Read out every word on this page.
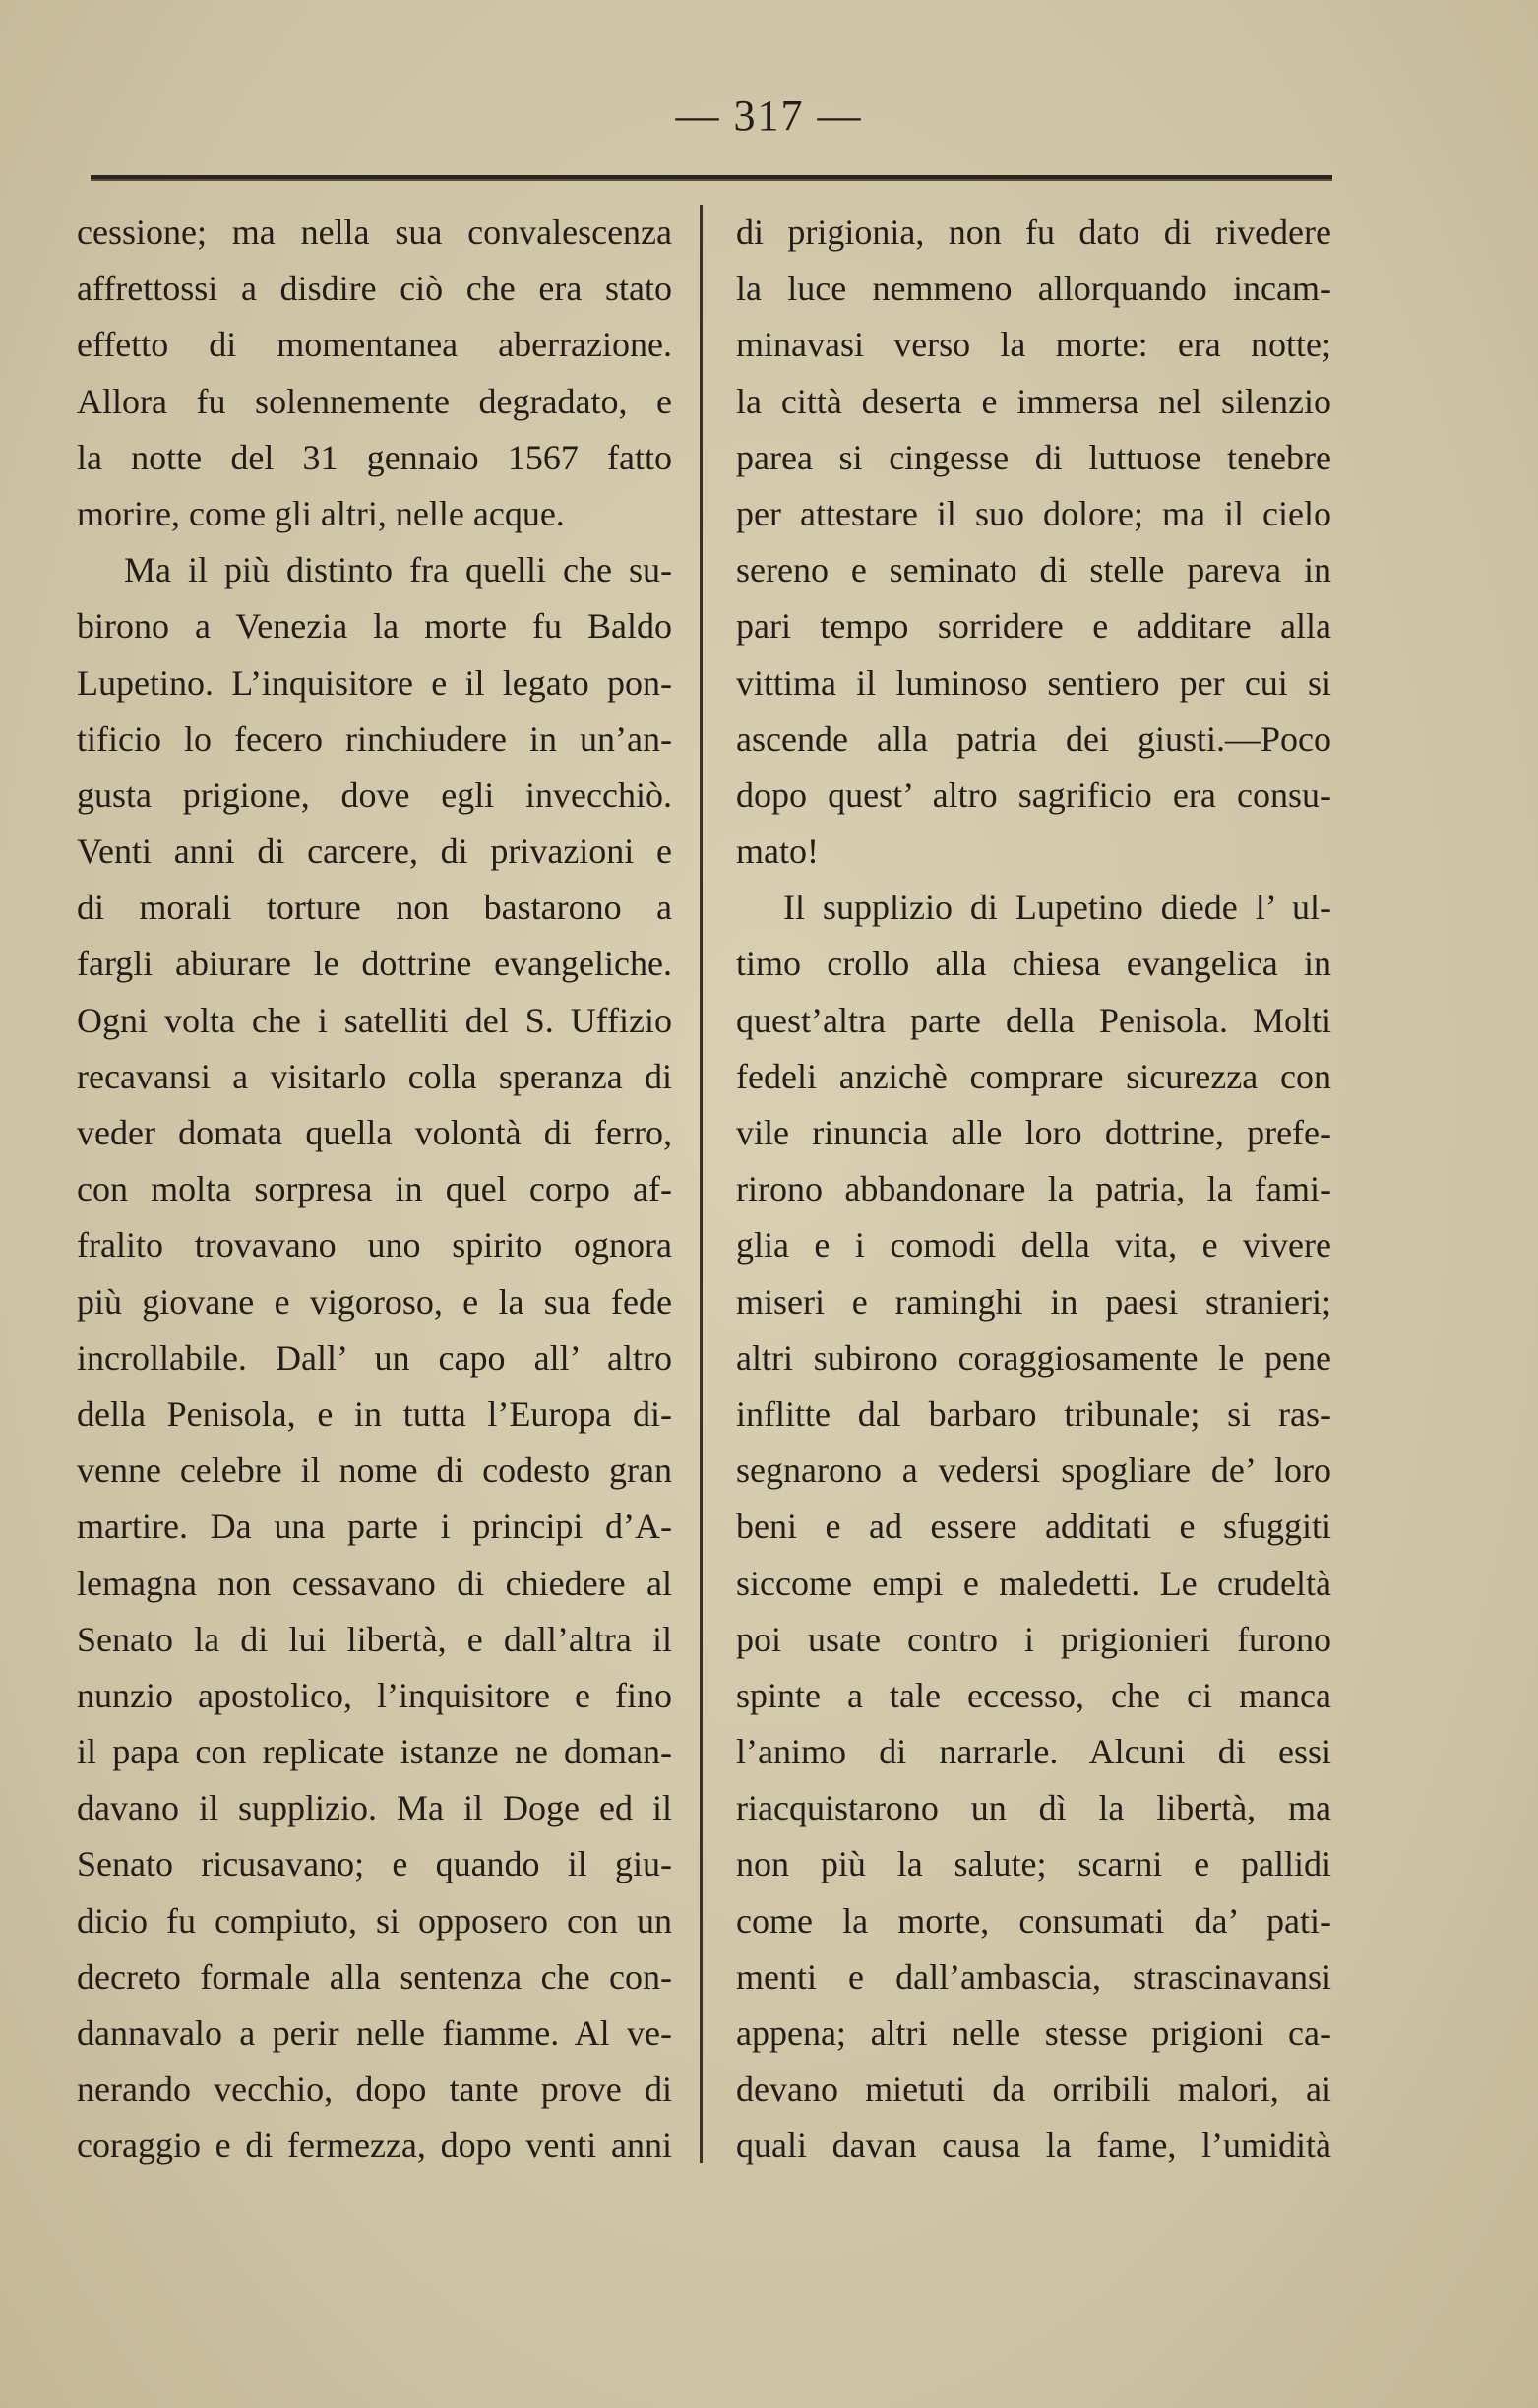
— 317 —
cessione; ma nella sua convalescenza
affrettossi a disdire ciò che era stato
effetto di momentanea aberrazione.
Allora fu solennemente degradato, e
la notte del 31 gennaio 1567 fatto
morire, come gli altri, nelle acque.
Ma il più distinto fra quelli che su-
birono a Venezia la morte fu Baldo
Lupetino. L’inquisitore e il legato pon-
tificio lo fecero rinchiudere in un’an-
gusta prigione, dove egli invecchiò.
Venti anni di carcere, di privazioni e
di morali torture non bastarono a
fargli abiurare le dottrine evangeliche.
Ogni volta che i satelliti del S. Uffizio
recavansi a visitarlo colla speranza di
veder domata quella volontà di ferro,
con molta sorpresa in quel corpo af-
fralito trovavano uno spirito ognora
più giovane e vigoroso, e la sua fede
incrollabile. Dall’ un capo all’ altro
della Penisola, e in tutta l’Europa di-
venne celebre il nome di codesto gran
martire. Da una parte i principi d’A-
lemagna non cessavano di chiedere al
Senato la di lui libertà, e dall’altra il
nunzio apostolico, l’inquisitore e fino
il papa con replicate istanze ne doman-
davano il supplizio. Ma il Doge ed il
Senato ricusavano; e quando il giu-
dicio fu compiuto, si opposero con un
decreto formale alla sentenza che con-
dannavalo a perir nelle fiamme. Al ve-
nerando vecchio, dopo tante prove di
coraggio e di fermezza, dopo venti anni
di prigionia, non fu dato di rivedere
la luce nemmeno allorquando incam-
minavasi verso la morte: era notte;
la città deserta e immersa nel silenzio
parea si cingesse di luttuose tenebre
per attestare il suo dolore; ma il cielo
sereno e seminato di stelle pareva in
pari tempo sorridere e additare alla
vittima il luminoso sentiero per cui si
ascende alla patria dei giusti.—Poco
dopo quest’ altro sagrificio era consu-
mato!
Il supplizio di Lupetino diede l’ ul-
timo crollo alla chiesa evangelica in
quest’altra parte della Penisola. Molti
fedeli anzichè comprare sicurezza con
vile rinuncia alle loro dottrine, prefe-
rirono abbandonare la patria, la fami-
glia e i comodi della vita, e vivere
miseri e raminghi in paesi stranieri;
altri subirono coraggiosamente le pene
inflitte dal barbaro tribunale; si ras-
segnarono a vedersi spogliare de’ loro
beni e ad essere additati e sfuggiti
siccome empi e maledetti. Le crudeltà
poi usate contro i prigionieri furono
spinte a tale eccesso, che ci manca
l’animo di narrarle. Alcuni di essi
riacquistarono un dì la libertà, ma
non più la salute; scarni e pallidi
come la morte, consumati da’ pati-
menti e dall’ambascia, strascinavansi
appena; altri nelle stesse prigioni ca-
devano mietuti da orribili malori, ai
quali davan causa la fame, l’umidità
